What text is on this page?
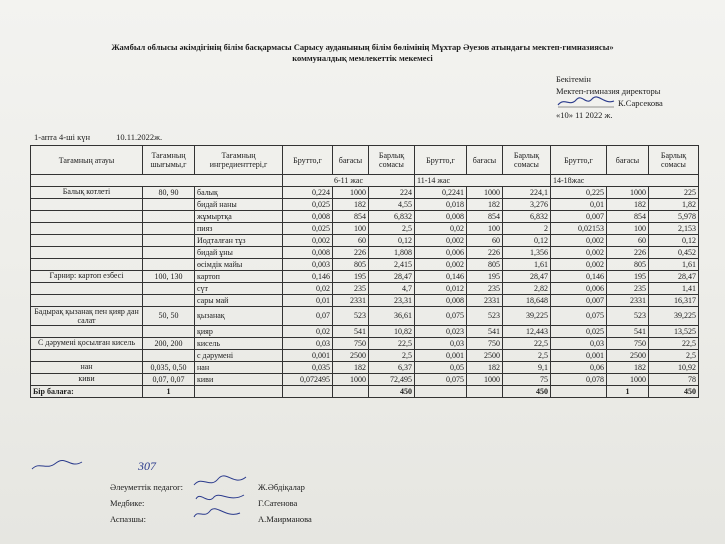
Жамбыл облысы әкімдігінің білім басқармасы Сарысу ауданының білім бөлімінің Мұхтар Әуезов атындағы мектеп-гимназиясы»
коммуналдық мемлекеттік мекемесі
Бекітемін
Мектеп-гимназия директоры
К.Сарсекова
«10» 11 2022 ж.
1-апта 4-ші күн	10.11.2022ж.
Тағамның атауы	Тағамның шығымы,г	Тағамның ингредиенттері,г	Брутто,г	бағасы	Барлық сомасы	Брутто,г	бағасы	Барлық сомасы	Брутто,г	бағасы	Барлық сомасы
			6-11 жас			11-14 жас			14-18жас		
Балық котлеті	80, 90	балық	0,224	1000	224	0,2241	1000	224,1	0,225	1000	225
		бидай наны	0,025	182	4,55	0,018	182	3,276	0,01	182	1,82
		жұмыртқа	0,008	854	6,832	0,008	854	6,832	0,007	854	5,978
		пияз	0,025	100	2,5	0,02	100	2	0,02153	100	2,153
		Иодталған тұз	0,002	60	0,12	0,002	60	0,12	0,002	60	0,12
		бидай ұны	0,008	226	1,808	0,006	226	1,356	0,002	226	0,452
		өсімдік майы	0,003	805	2,415	0,002	805	1,61	0,002	805	1,61
Гарнир: картоп езбесі	100, 130	картоп	0,146	195	28,47	0,146	195	28,47	0,146	195	28,47
		сүт	0,02	235	4,7	0,012	235	2,82	0,006	235	1,41
		сары май	0,01	2331	23,31	0,008	2331	18,648	0,007	2331	16,317
Бадырақ қызанақ пен қияр дан салат	50, 50	қызанақ	0,07	523	36,61	0,075	523	39,225	0,075	523	39,225
		қияр	0,02	541	10,82	0,023	541	12,443	0,025	541	13,525
С дәрумені қосылған кисель	200, 200	кисель	0,03	750	22,5	0,03	750	22,5	0,03	750	22,5
		с дәрумені	0,001	2500	2,5	0,001	2500	2,5	0,001	2500	2,5
нан	0,035, 0,50	нан	0,035	182	6,37	0,05	182	9,1	0,06	182	10,92
киви	0,07, 0,07	киви	0,072495	1000	72,495	0,075	1000	75	0,078	1000	78
Бір балаға:	1				450			450		1	450
307
Әлеуметтік педагог:	Ж.Әбдіқалар
Медбике:	Г.Сатенова
Аспазшы:	А.Маирманова
